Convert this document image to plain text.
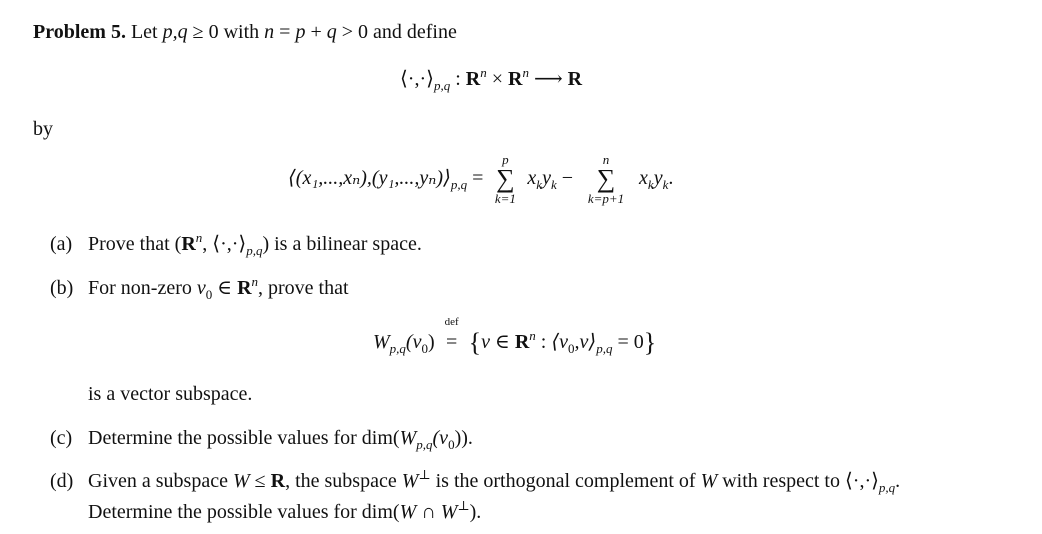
Problem 5. Let p,q ≥ 0 with n = p + q > 0 and define
$⟨\cdot,\cdot⟩_{p,q}$ : $R^n \times R^n$ ⟶ R
by
$⟨(x_1,...,x_n),(y_1,...,y_n)⟩_{p,q}$ =
p
∑
k=1
$x_ky_k$ −
n
∑
k=p+1
$x_ky_k$.
(a) Prove that ($R^n$, $⟨\cdot,\cdot⟩_{p,q}$) is a bilinear space.
(b) For non-zero $v_0$ ∈ $R^n$, prove that
$W_{p,q}(v_0)$
def
= {v ∈ $R^n$ : $⟨v_0,v⟩_{p,q} = 0$}
is a vector subspace.
(c) Determine the possible values for $dim(W_{p,q}(v_0))$.
(d) Given a subspace W ≤ R, the subspace W⊥ is the orthogonal complement of W with respect to $⟨\cdot,\cdot⟩_{p,q}$.
Determine the possible values for dim(W ∩ W⊥).
